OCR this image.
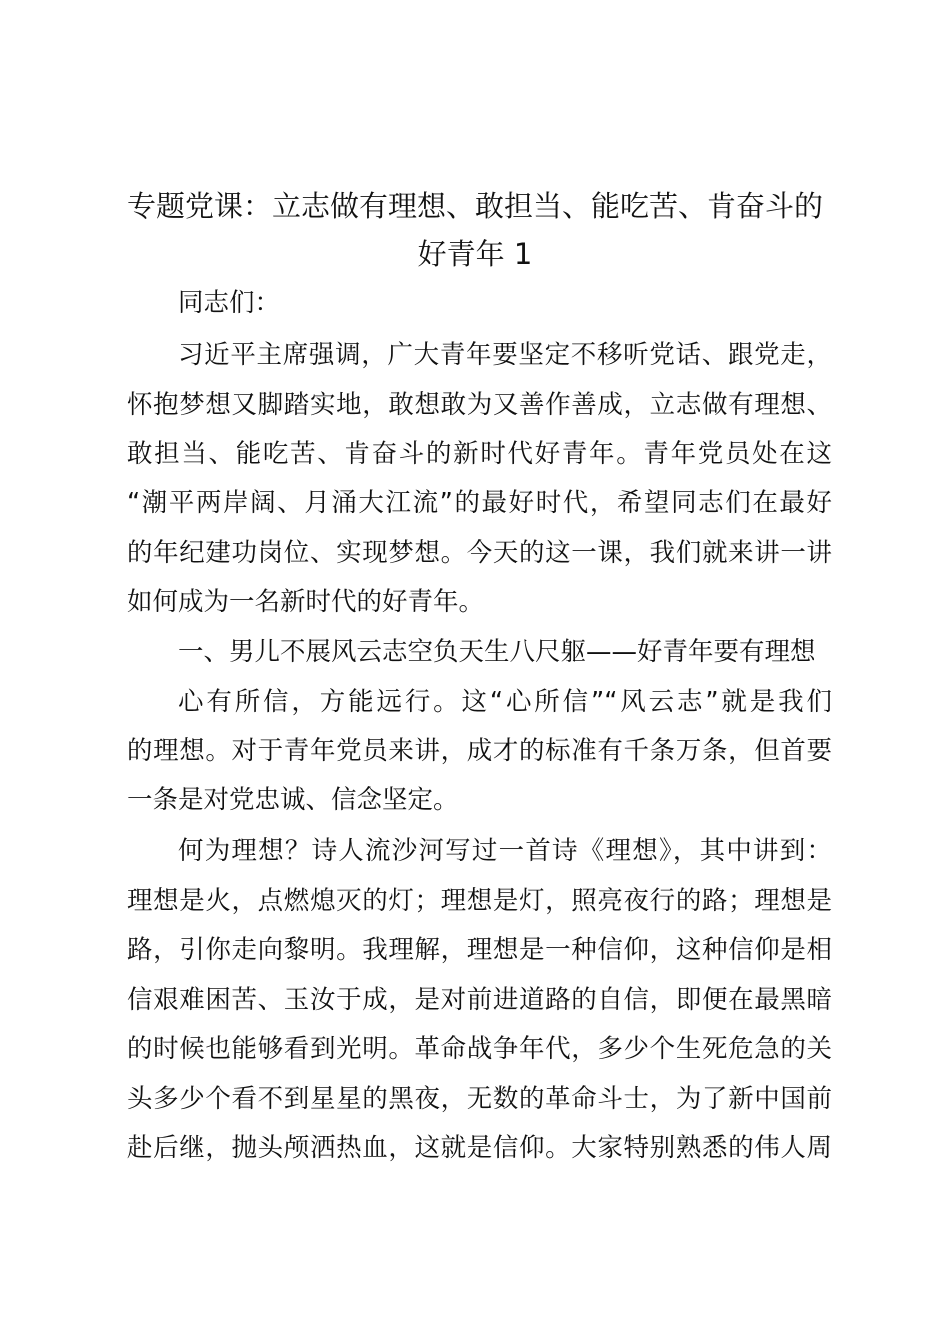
专题党课：立志做有理想、敢担当、能吃苦、肯奋斗的
好青年 1

同志们：

习近平主席强调，广大青年要坚定不移听党话、跟党走，

怀抱梦想又脚踏实地，敢想敢为又善作善成，立志做有理想、

敢担当、能吃苦、肯奋斗的新时代好青年。青年党员处在这

“潮平两岸阔、月涌大江流”的最好时代，希望同志们在最好

的年纪建功岗位、实现梦想。今天的这一课，我们就来讲一讲

如何成为一名新时代的好青年。

一、男儿不展风云志空负天生八尺躯——好青年要有理想

心有所信，方能远行。这“心所信”“风云志”就是我们

的理想。对于青年党员来讲，成才的标准有千条万条，但首要

一条是对党忠诚、信念坚定。

何为理想？诗人流沙河写过一首诗《理想》，其中讲到：

理想是火，点燃熄灭的灯；理想是灯，照亮夜行的路；理想是

路，引你走向黎明。我理解，理想是一种信仰，这种信仰是相

信艰难困苦、玉汝于成，是对前进道路的自信，即便在最黑暗

的时候也能够看到光明。革命战争年代，多少个生死危急的关

头多少个看不到星星的黑夜，无数的革命斗士，为了新中国前

赴后继，抛头颅洒热血，这就是信仰。大家特别熟悉的伟人周
